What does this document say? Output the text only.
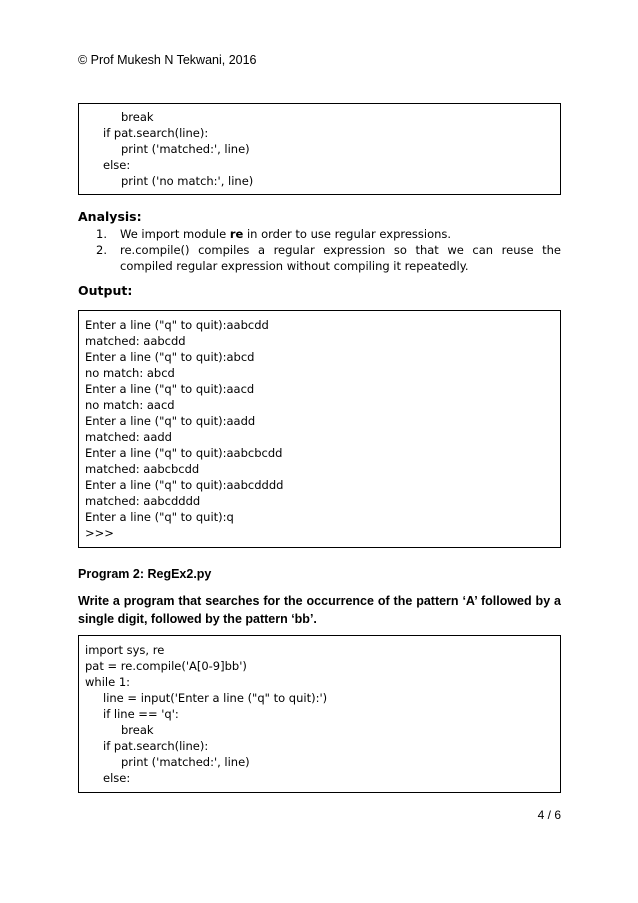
© Prof Mukesh N Tekwani, 2016
break
if pat.search(line):
print ('matched:', line)
else:
print ('no match:', line)
Analysis:
1. We import module re in order to use regular expressions.
2. re.compile() compiles a regular expression so that we can reuse the compiled regular expression without compiling it repeatedly.
Output:
Enter a line ("q" to quit):aabcdd
matched: aabcdd
Enter a line ("q" to quit):abcd
no match: abcd
Enter a line ("q" to quit):aacd
no match: aacd
Enter a line ("q" to quit):aadd
matched: aadd
Enter a line ("q" to quit):aabcbcdd
matched: aabcbcdd
Enter a line ("q" to quit):aabcdddd
matched: aabcdddd
Enter a line ("q" to quit):q
>>>
Program 2: RegEx2.py
Write a program that searches for the occurrence of the pattern ‘A’ followed by a single digit, followed by the pattern ‘bb’.
import sys, re
pat = re.compile('A[0-9]bb')
while 1:
line = input('Enter a line ("q" to quit):')
if line == 'q':
break
if pat.search(line):
print ('matched:', line)
else:
4 / 6
